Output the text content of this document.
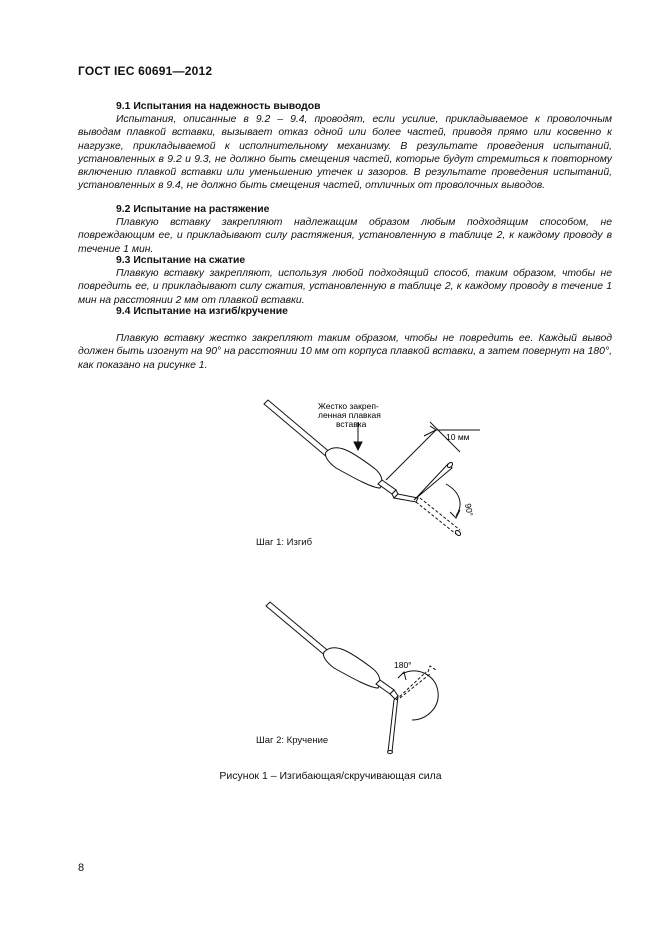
ГОСТ IEC 60691—2012
9.1 Испытания на надежность выводов

Испытания, описанные в 9.2 – 9.4, проводят, если усилие, прикладываемое к проволочным выводам плавкой вставки, вызывает отказ одной или более частей, приводя прямо или косвенно к нагрузке, прикладываемой к исполнительному механизму. В результате проведения испытаний, установленных в 9.2 и 9.3, не должно быть смещения частей, которые будут стремиться к повторному включению плавкой вставки или уменьшению утечек и зазоров. В результате проведения испытаний, установленных в 9.4, не должно быть смещения частей, отличных от проволочных выводов.

9.2 Испытание на растяжение

Плавкую вставку закрепляют надлежащим образом любым подходящим способом, не повреждающим ее, и прикладывают силу растяжения, установленную в таблице 2, к каждому проводу в течение 1 мин.

9.3 Испытание на сжатие

Плавкую вставку закрепляют, используя любой подходящий способ, таким образом, чтобы не повредить ее, и прикладывают силу сжатия, установленную в таблице 2, к каждому проводу в течение 1 мин на расстоянии 2 мм от плавкой вставки.

9.4 Испытание на изгиб/кручение

Плавкую вставку жестко закрепляют таким образом, чтобы не повредить ее. Каждый вывод должен быть изогнут на 90° на расстоянии 10 мм от корпуса плавкой вставки, а затем повернут на 180°, как показано на рисунке 1.

Жестко закреп-
ленная плавкая
вставка
10 мм
90°
Шаг 1: Изгиб
180°
Шаг 2: Кручение
Рисунок 1 – Изгибающая/скручивающая сила
8
